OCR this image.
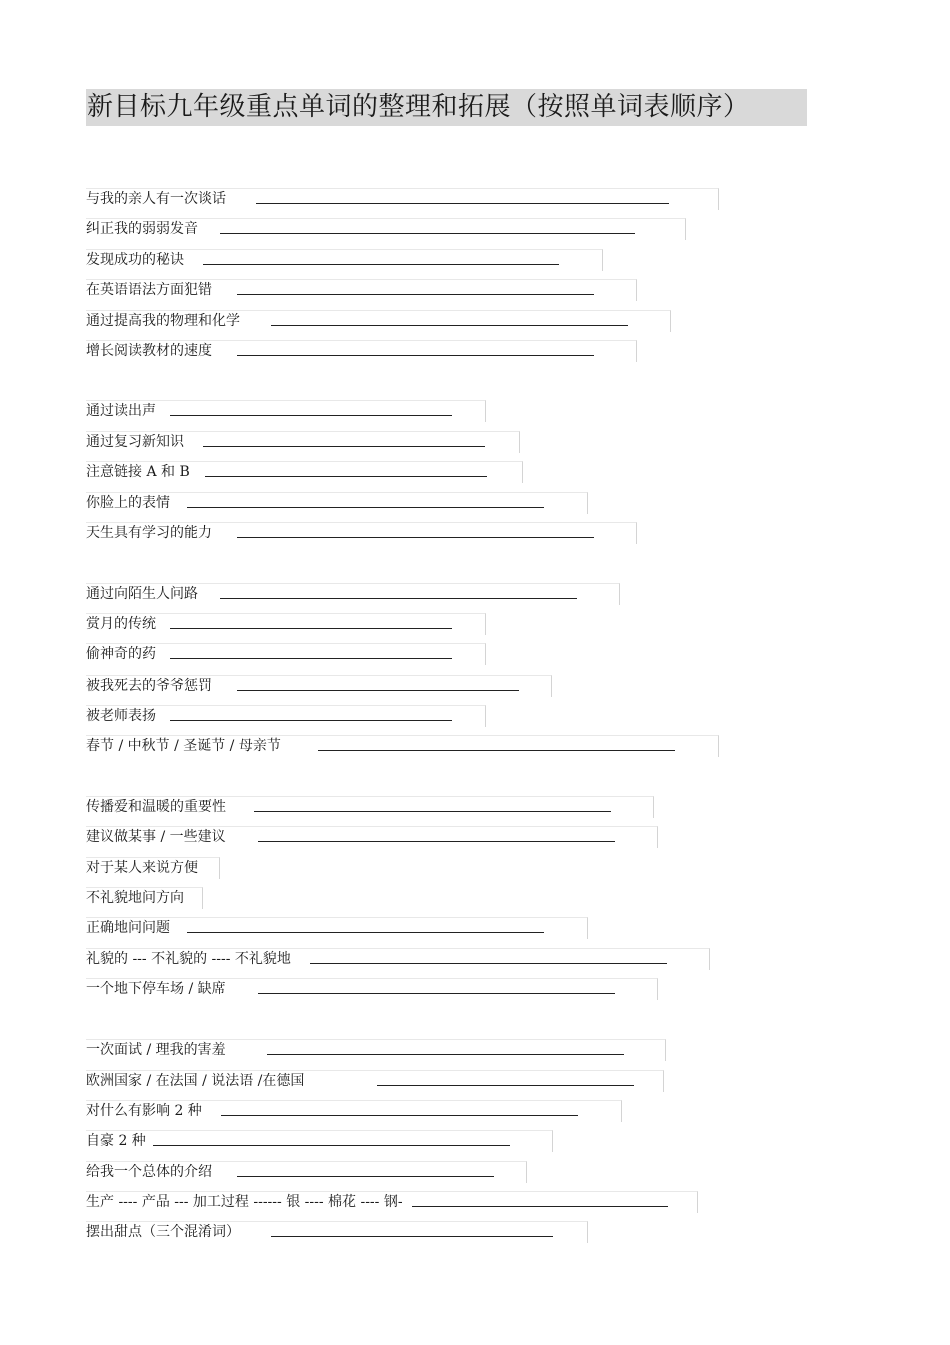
新目标九年级重点单词的整理和拓展（按照单词表顺序）
与我的亲人有一次谈话
纠正我的弱弱发音
发现成功的秘诀
在英语语法方面犯错
通过提高我的物理和化学
增长阅读教材的速度
通过读出声
通过复习新知识
注意链接 A 和 B
你脸上的表情
天生具有学习的能力
通过向陌生人问路
赏月的传统
偷神奇的药
被我死去的爷爷惩罚
被老师表扬
春节 / 中秋节 / 圣诞节 / 母亲节
传播爱和温暖的重要性
建议做某事 / 一些建议
对于某人来说方便
不礼貌地问方向
正确地问问题
礼貌的 --- 不礼貌的 ---- 不礼貌地
一个地下停车场 / 缺席
一次面试 / 理我的害羞
欧洲国家 / 在法国 / 说法语 /在德国
对什么有影响 2 种
自豪 2 种
给我一个总体的介绍
生产 ---- 产品 --- 加工过程 ------ 银 ---- 棉花 ---- 钢-
摆出甜点（三个混淆词）
